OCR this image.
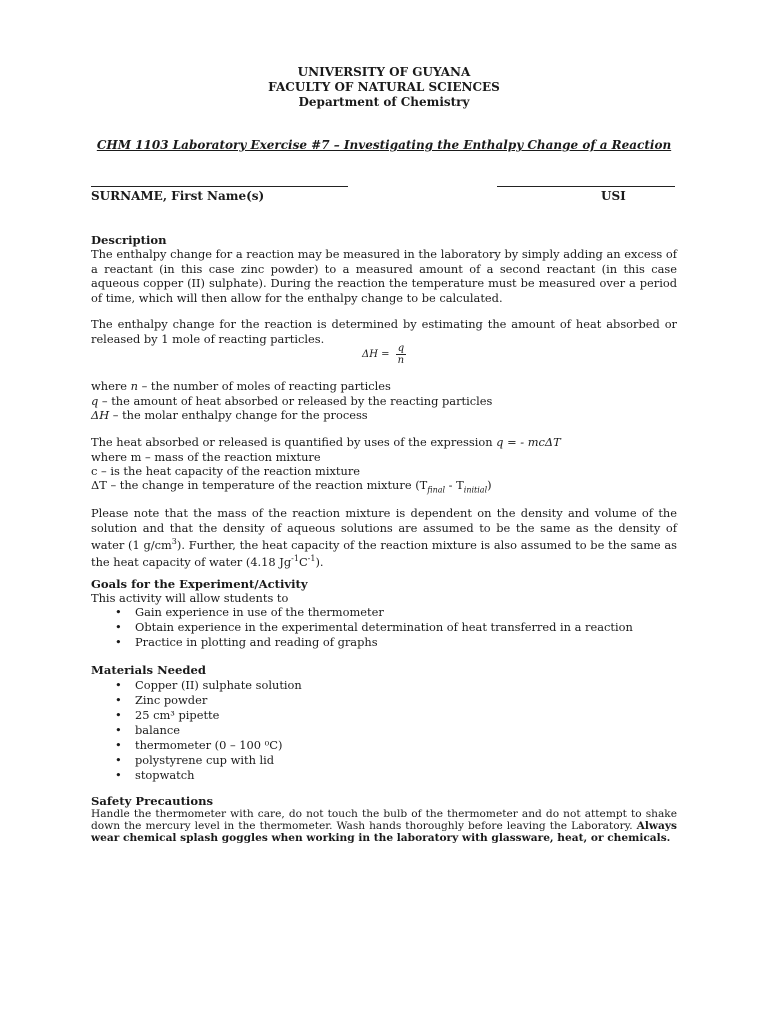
UNIVERSITY OF GUYANA
FACULTY OF NATURAL SCIENCES
Department of Chemistry
CHM 1103 Laboratory Exercise #7 – Investigating the Enthalpy Change of a Reaction
SURNAME, First Name(s)	USI
Description
The enthalpy change for a reaction may be measured in the laboratory by simply adding an excess of a reactant (in this case zinc powder) to a measured amount of a second reactant (in this case aqueous copper (II) sulphate). During the reaction the temperature must be measured over a period of time, which will then allow for the enthalpy change to be calculated.
The enthalpy change for the reaction is determined by estimating the amount of heat absorbed or released by 1 mole of reacting particles.
$\Delta H = \frac{q}{n}$
where n – the number of moles of reacting particles
q – the amount of heat absorbed or released by the reacting particles
ΔH – the molar enthalpy change for the process
The heat absorbed or released is quantified by uses of the expression q = - mcΔT
where m – mass of the reaction mixture
c – is the heat capacity of the reaction mixture
ΔT – the change in temperature of the reaction mixture $(T_{final} - T_{initial})$
Please note that the mass of the reaction mixture is dependent on the density and volume of the solution and that the density of aqueous solutions are assumed to be the same as the density of water (1 $g/cm^3$). Further, the heat capacity of the reaction mixture is also assumed to be the same as the heat capacity of water (4.18 $Jg^{-1}C^{-1}$).
Goals for the Experiment/Activity
This activity will allow students to
• Gain experience in use of the thermometer
• Obtain experience in the experimental determination of heat transferred in a reaction
• Practice in plotting and reading of graphs
Materials Needed
• Copper (II) sulphate solution
• Zinc powder
• 25 cm³ pipette
• balance
• thermometer (0 – 100 ⁰C)
• polystyrene cup with lid
• stopwatch
Safety Precautions
Handle the thermometer with care, do not touch the bulb of the thermometer and do not attempt to shake down the mercury level in the thermometer. Wash hands thoroughly before leaving the Laboratory. Always wear chemical splash goggles when working in the laboratory with glassware, heat, or chemicals.
